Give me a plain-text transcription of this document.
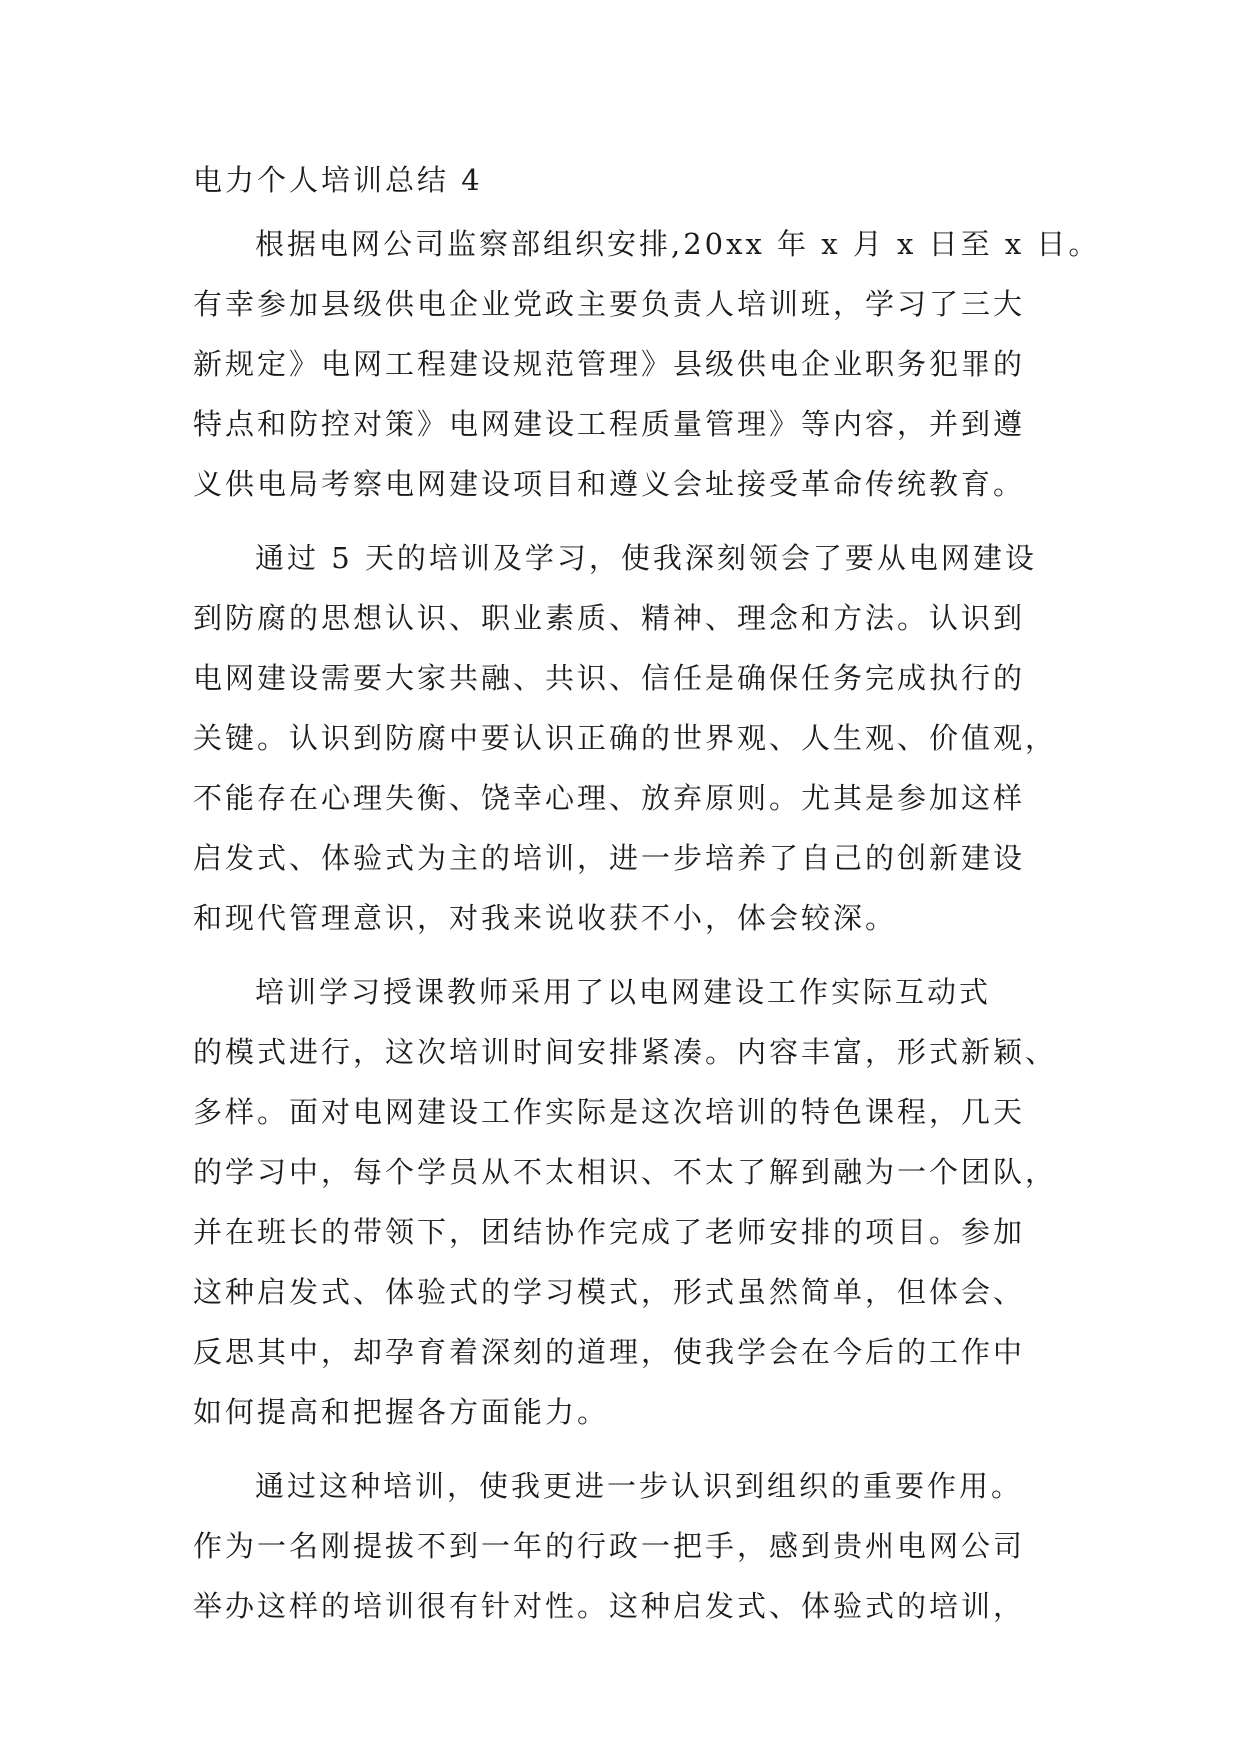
电力个人培训总结 4
根据电网公司监察部组织安排,20xx 年 x 月 x 日至 x 日。
有幸参加县级供电企业党政主要负责人培训班，学习了三大
新规定》电网工程建设规范管理》县级供电企业职务犯罪的
特点和防控对策》电网建设工程质量管理》等内容，并到遵
义供电局考察电网建设项目和遵义会址接受革命传统教育。
通过 5 天的培训及学习，使我深刻领会了要从电网建设
到防腐的思想认识、职业素质、精神、理念和方法。认识到
电网建设需要大家共融、共识、信任是确保任务完成执行的
关键。认识到防腐中要认识正确的世界观、人生观、价值观，
不能存在心理失衡、饶幸心理、放弃原则。尤其是参加这样
启发式、体验式为主的培训，进一步培养了自己的创新建设
和现代管理意识，对我来说收获不小，体会较深。
培训学习授课教师采用了以电网建设工作实际互动式
的模式进行，这次培训时间安排紧凑。内容丰富，形式新颖、
多样。面对电网建设工作实际是这次培训的特色课程，几天
的学习中，每个学员从不太相识、不太了解到融为一个团队，
并在班长的带领下，团结协作完成了老师安排的项目。参加
这种启发式、体验式的学习模式，形式虽然简单，但体会、
反思其中，却孕育着深刻的道理，使我学会在今后的工作中
如何提高和把握各方面能力。
通过这种培训，使我更进一步认识到组织的重要作用。
作为一名刚提拔不到一年的行政一把手，感到贵州电网公司
举办这样的培训很有针对性。这种启发式、体验式的培训，
